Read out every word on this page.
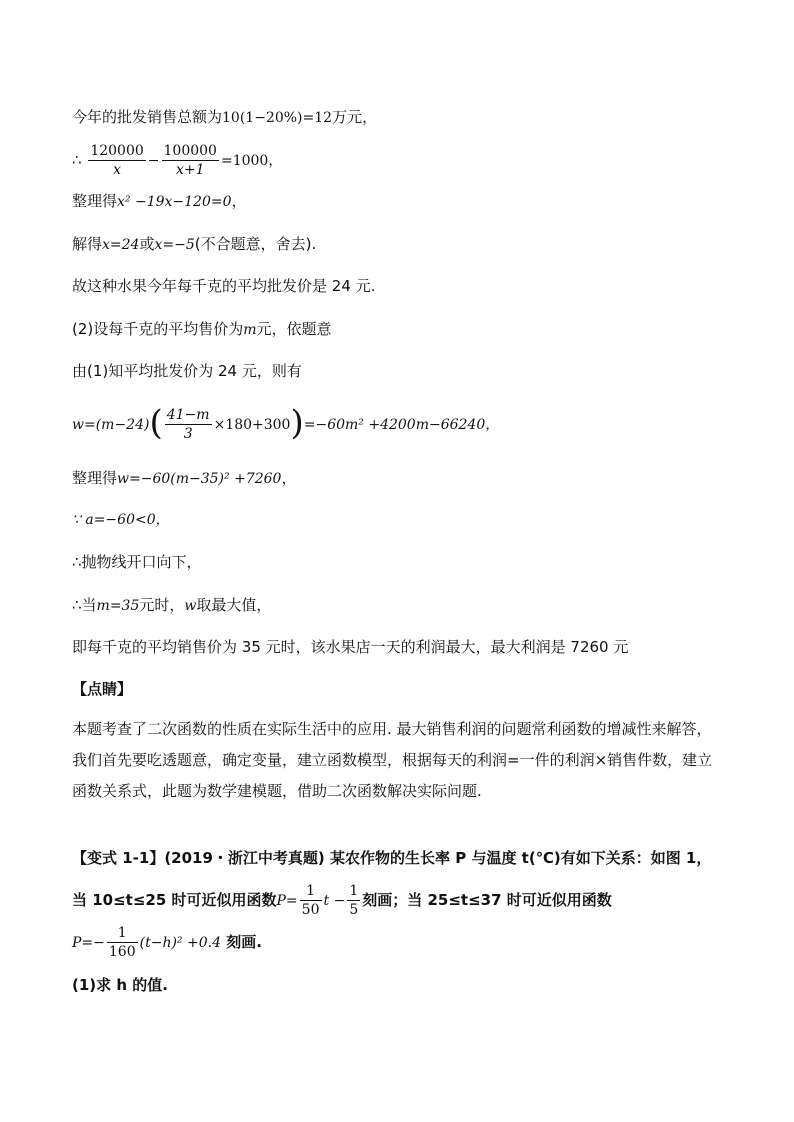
今年的批发销售总额为10(1−20%)=12万元，
∴ $\frac{120000}{x} - \frac{100000}{x+1} =1000$，
整理得x² −19x−120=0，
解得x=24或x=−5(不合题意，舍去).
故这种水果今年每千克的平均批发价是 24 元.
(2)设每千克的平均售价为m元，依题意
由(1)知平均批发价为 24 元，则有
$w=(m-24)( \frac{41-m}{3} \times 180+300)=-60m^2 +4200m-66240$，
整理得w=−60(m−35)² +7260，
∵ a=−60<0，
∴抛物线开口向下，
∴当m=35元时，w取最大值，
即每千克的平均销售价为 35 元时，该水果店一天的利润最大，最大利润是 7260 元
【点睛】
本题考查了二次函数的性质在实际生活中的应用. 最大销售利润的问题常利函数的增减性来解答，我们首先要吃透题意，确定变量，建立函数模型，根据每天的利润=一件的利润×销售件数，建立函数关系式，此题为数学建模题，借助二次函数解决实际问题.
【变式 1-1】(2019・浙江中考真题) 某农作物的生长率 P 与温度 t(℃)有如下关系：如图 1，
当 10≤t≤25 时可近似用函数$P= \frac{1}{50}$ $t - \frac{1}{5}$ 刻画；当 25≤t≤37 时可近似用函数
$P=- \frac{1}{160} (t-h)^2 +0.4$ 刻画.
(1)求 h 的值.
